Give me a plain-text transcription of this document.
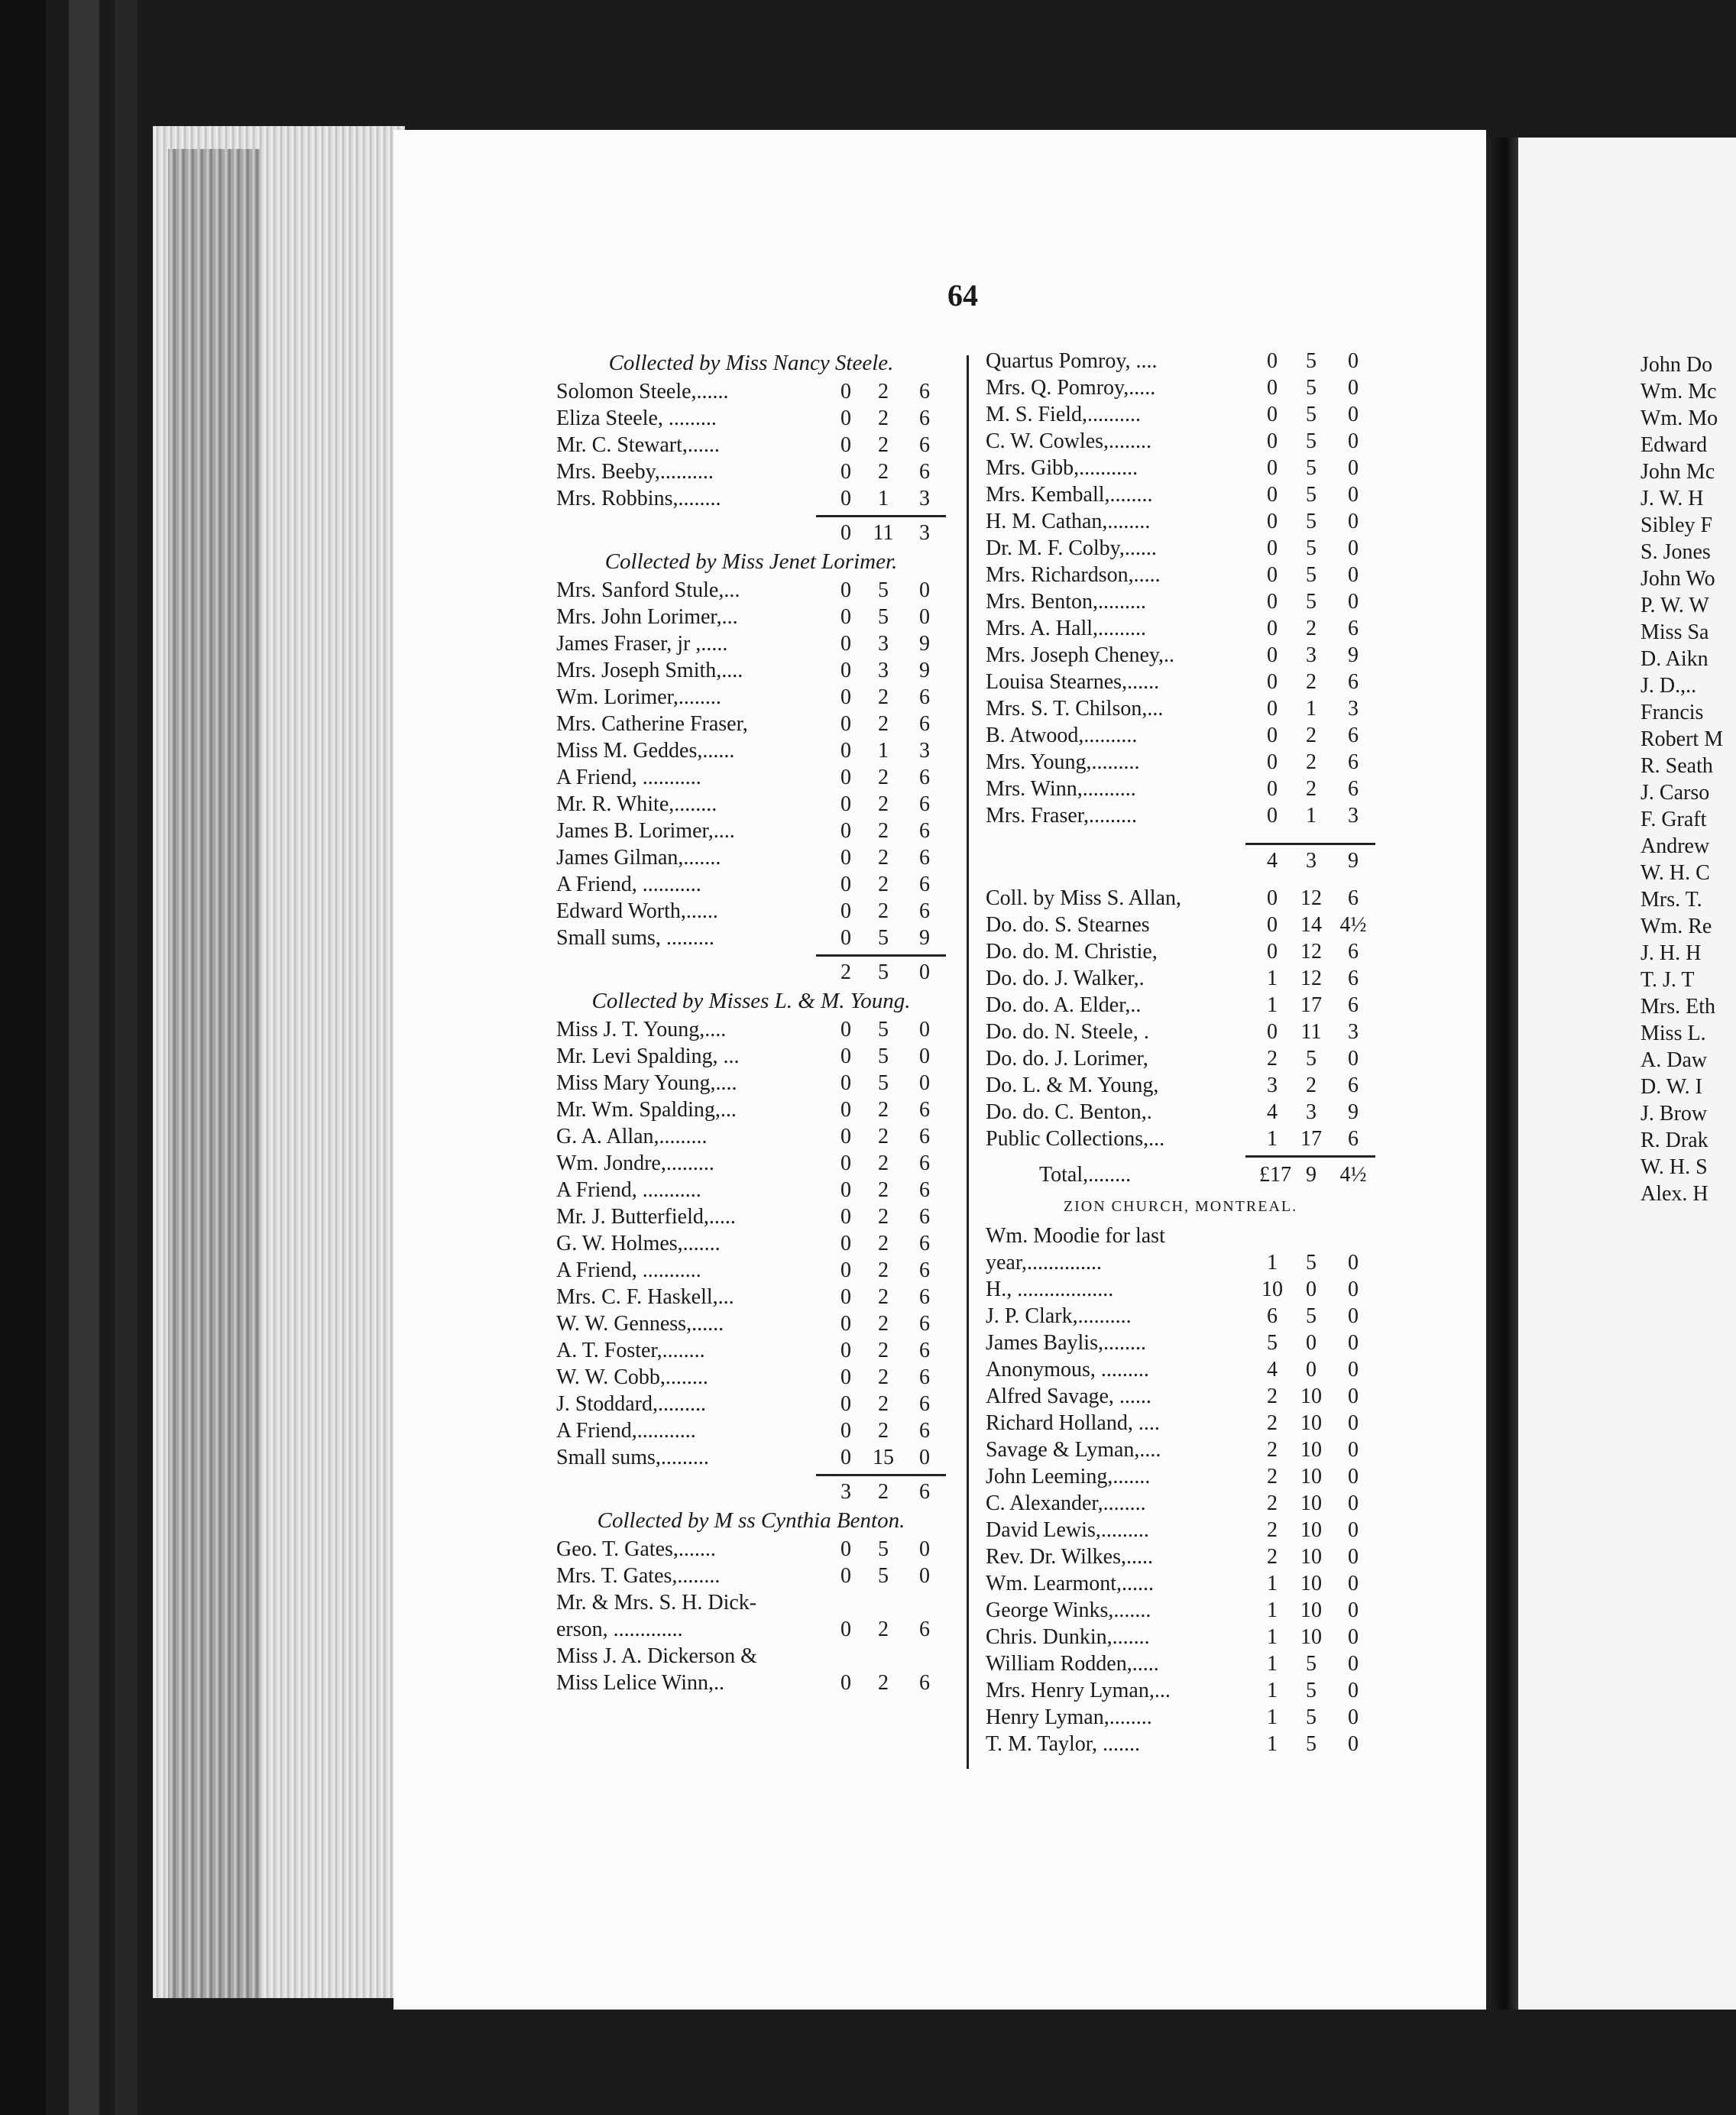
John Do
Wm. Mc
Wm. Mo
Edward
John Mc
J. W. H
Sibley F
S. Jones
John Wo
P. W. W
Miss Sa
D. Aikn
J. D.,..
Francis
Robert M
R. Seath
J. Carso
F. Graft
Andrew
W. H. C
Mrs. T.
Wm. Re
J. H. H
T. J. T
Mrs. Eth
Miss L.
A. Daw
D. W. I
J. Brow
R. Drak
W. H. S
Alex. H
64
Collected by Miss Nancy Steele.
Solomon Steele,......	0	2	6
Eliza Steele, .........	0	2	6
Mr. C. Stewart,......	0	2	6
Mrs. Beeby,..........	0	2	6
Mrs. Robbins,........	0	1	3
0	11	3
Collected by Miss Jenet Lorimer.
Mrs. Sanford Stule,...	0	5	0
Mrs. John Lorimer,...	0	5	0
James Fraser, jr ,.....	0	3	9
Mrs. Joseph Smith,....	0	3	9
Wm. Lorimer,........	0	2	6
Mrs. Catherine Fraser,	0	2	6
Miss M. Geddes,......	0	1	3
A Friend, ...........	0	2	6
Mr. R. White,........	0	2	6
James B. Lorimer,....	0	2	6
James Gilman,.......	0	2	6
A Friend, ...........	0	2	6
Edward Worth,......	0	2	6
Small sums, .........	0	5	9
2	5	0
Collected by Misses L. & M. Young.
Miss J. T. Young,....	0	5	0
Mr. Levi Spalding, ...	0	5	0
Miss Mary Young,....	0	5	0
Mr. Wm. Spalding,...	0	2	6
G. A. Allan,.........	0	2	6
Wm. Jondre,.........	0	2	6
A Friend, ...........	0	2	6
Mr. J. Butterfield,.....	0	2	6
G. W. Holmes,.......	0	2	6
A Friend, ...........	0	2	6
Mrs. C. F. Haskell,...	0	2	6
W. W. Genness,......	0	2	6
A. T. Foster,........	0	2	6
W. W. Cobb,........	0	2	6
J. Stoddard,.........	0	2	6
A Friend,...........	0	2	6
Small sums,.........	0	15	0
3	2	6
Collected by M ss Cynthia Benton.
Geo. T. Gates,.......	0	5	0
Mrs. T. Gates,........	0	5	0
Mr. & Mrs. S. H. Dick-
erson, .............	0	2	6
Miss J. A. Dickerson &
Miss Lelice Winn,..	0	2	6
Quartus Pomroy, ....	0	5	0
Mrs. Q. Pomroy,.....	0	5	0
M. S. Field,..........	0	5	0
C. W. Cowles,........	0	5	0
Mrs. Gibb,...........	0	5	0
Mrs. Kemball,........	0	5	0
H. M. Cathan,........	0	5	0
Dr. M. F. Colby,......	0	5	0
Mrs. Richardson,.....	0	5	0
Mrs. Benton,.........	0	5	0
Mrs. A. Hall,.........	0	2	6
Mrs. Joseph Cheney,..	0	3	9
Louisa Stearnes,......	0	2	6
Mrs. S. T. Chilson,...	0	1	3
B. Atwood,..........	0	2	6
Mrs. Young,.........	0	2	6
Mrs. Winn,..........	0	2	6
Mrs. Fraser,.........	0	1	3
4	3	9
Coll. by Miss S. Allan,	0	12	6
Do. do. S. Stearnes	0	14 4½
Do. do. M. Christie,	0	12	6
Do. do. J. Walker,.	1	12	6
Do. do. A. Elder,..	1	17	6
Do. do. N. Steele, .	0	11	3
Do. do. J. Lorimer,	2	5	0
Do. L. & M. Young,	3	2	6
Do. do. C. Benton,.	4	3	9
Public Collections,...	1	17	6
Total,........	£17 9	4½
ZION CHURCH, MONTREAL.
Wm. Moodie for last
year,..............	1	5	0
H., ..................	10	0	0
J. P. Clark,..........	6	5	0
James Baylis,........	5	0	0
Anonymous, .........	4	0	0
Alfred Savage, ......	2	10	0
Richard Holland, ....	2	10	0
Savage & Lyman,....	2	10	0
John Leeming,.......	2	10	0
C. Alexander,........	2	10	0
David Lewis,.........	2	10	0
Rev. Dr. Wilkes,.....	2	10	0
Wm. Learmont,......	1	10	0
George Winks,.......	1	10	0
Chris. Dunkin,.......	1	10	0
William Rodden,.....	1	5	0
Mrs. Henry Lyman,...	1	5	0
Henry Lyman,........	1	5	0
T. M. Taylor, .......	1	5	0
